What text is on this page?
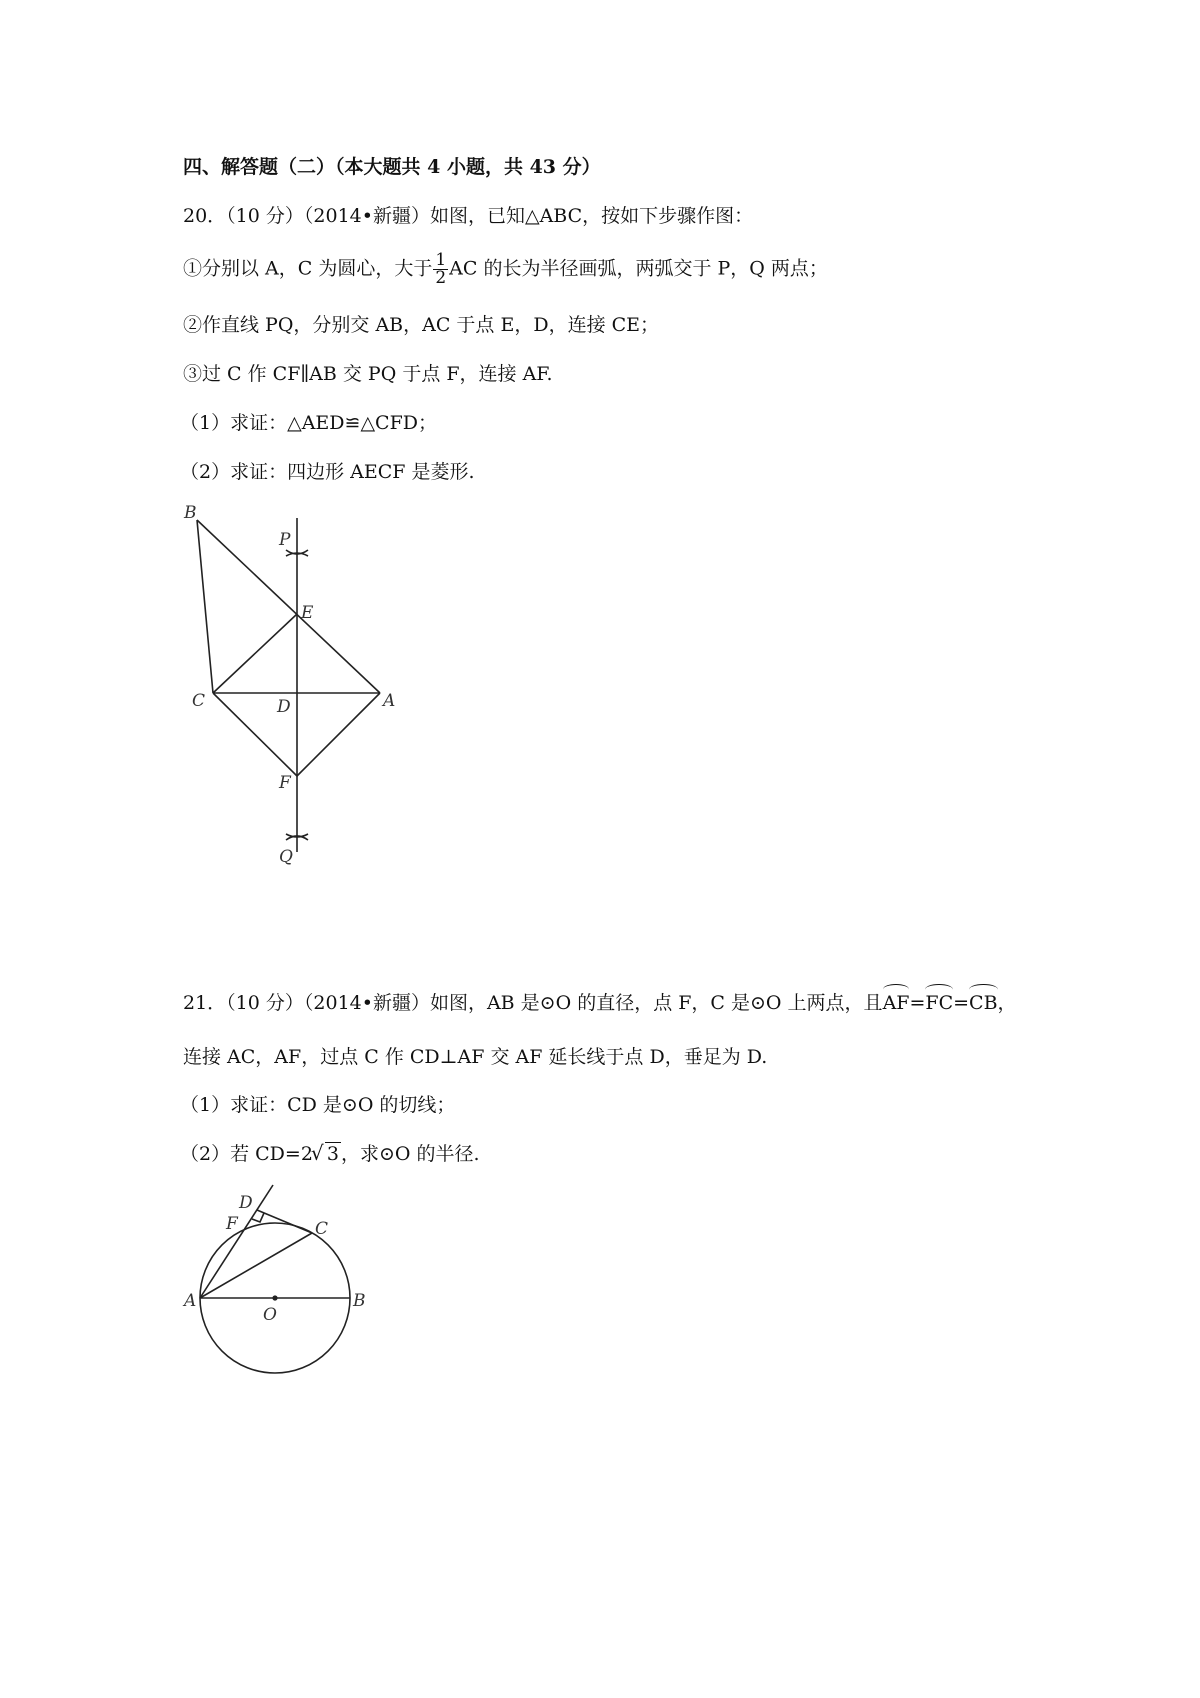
四、解答题（二）（本大题共 4 小题，共 43 分）
20．（10 分）（2014•新疆）如图，已知△ABC，按如下步骤作图：
①分别以 A，C 为圆心，大于 $\frac{1}{2}$ AC 的长为半径画弧，两弧交于 P，Q 两点；
②作直线 PQ，分别交 AB，AC 于点 E，D，连接 CE；
③过 C 作 CF∥AB 交 PQ 于点 F，连接 AF.
（1）求证：△AED≌△CFD；
（2）求证：四边形 AECF 是菱形.
B
P
E
C	D	A
F
Q
21．（10 分）（2014•新疆）如图，AB 是⊙O 的直径，点 F，C 是⊙O 上两点，且AF=FC=CB，
连接 AC，AF，过点 C 作 CD⊥AF 交 AF 延长线于点 D，垂足为 D.
（1）求证：CD 是⊙O 的切线；
（2）若 CD=2√ 3 ，求⊙O 的半径.
D
F	C
A
O
B
